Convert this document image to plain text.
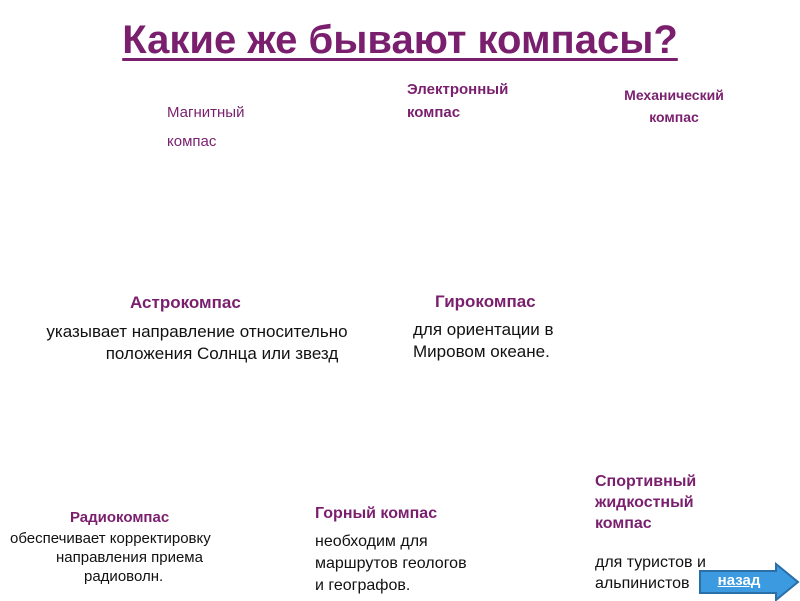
Какие же бывают компасы?
Магнитный
компас
Электронный
компас
Механический
компас
Астрокомпас
указывает направление относительно
положения Солнца или звезд
Гирокомпас
для ориентации в
Мировом океане.
Радиокомпас
обеспечивает корректировку
направления приема
радиоволн.
Горный компас
необходим для
маршрутов геологов
и географов.
Спортивный
жидкостный
компас
для туристов и
альпинистов	назад
